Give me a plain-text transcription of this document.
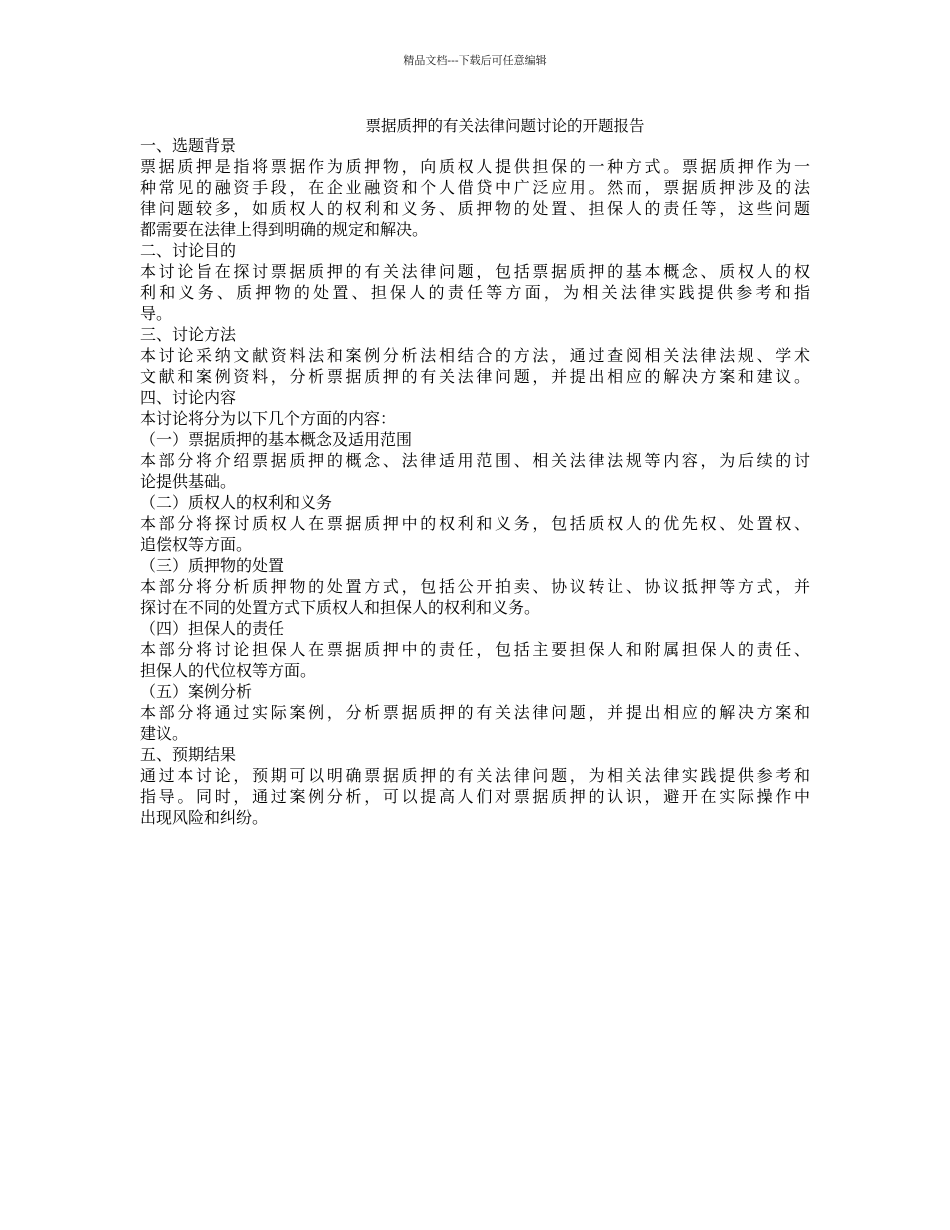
精品文档---下载后可任意编辑
票据质押的有关法律问题讨论的开题报告
一、选题背景
票据质押是指将票据作为质押物，向质权人提供担保的一种方式。票据质押作为一
种常见的融资手段，在企业融资和个人借贷中广泛应用。然而，票据质押涉及的法
律问题较多，如质权人的权利和义务、质押物的处置、担保人的责任等，这些问题
都需要在法律上得到明确的规定和解决。
二、讨论目的
本讨论旨在探讨票据质押的有关法律问题，包括票据质押的基本概念、质权人的权
利和义务、质押物的处置、担保人的责任等方面，为相关法律实践提供参考和指
导。
三、讨论方法
本讨论采纳文献资料法和案例分析法相结合的方法，通过查阅相关法律法规、学术
文献和案例资料，分析票据质押的有关法律问题，并提出相应的解决方案和建议。
四、讨论内容
本讨论将分为以下几个方面的内容：
（一）票据质押的基本概念及适用范围
本部分将介绍票据质押的概念、法律适用范围、相关法律法规等内容，为后续的讨
论提供基础。
（二）质权人的权利和义务
本部分将探讨质权人在票据质押中的权利和义务，包括质权人的优先权、处置权、
追偿权等方面。
（三）质押物的处置
本部分将分析质押物的处置方式，包括公开拍卖、协议转让、协议抵押等方式，并
探讨在不同的处置方式下质权人和担保人的权利和义务。
（四）担保人的责任
本部分将讨论担保人在票据质押中的责任，包括主要担保人和附属担保人的责任、
担保人的代位权等方面。
（五）案例分析
本部分将通过实际案例，分析票据质押的有关法律问题，并提出相应的解决方案和
建议。
五、预期结果
通过本讨论，预期可以明确票据质押的有关法律问题，为相关法律实践提供参考和
指导。同时，通过案例分析，可以提高人们对票据质押的认识，避开在实际操作中
出现风险和纠纷。
